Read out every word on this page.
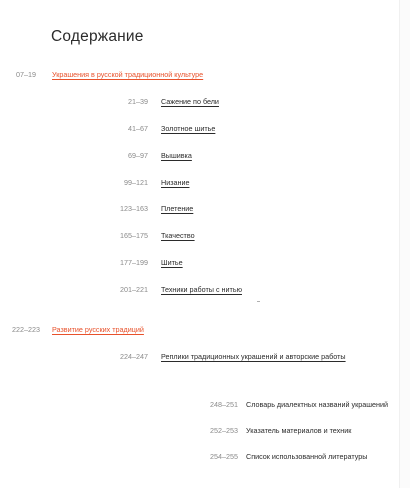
Содержание
07–19 Украшения в русской традиционной культуре
21–39 Сажение по бели
41–67 Золотное шитье
69–97 Вышивка
99–121 Низание
123–163 Плетение
165–175 Ткачество
177–199 Шитье
201–221 Техники работы с нитью
222–223 Развитие русских традиций
224–247 Реплики традиционных украшений и авторские работы
248–251 Словарь диалектных названий украшений
252–253 Указатель материалов и техник
254–255 Список использованной литературы
